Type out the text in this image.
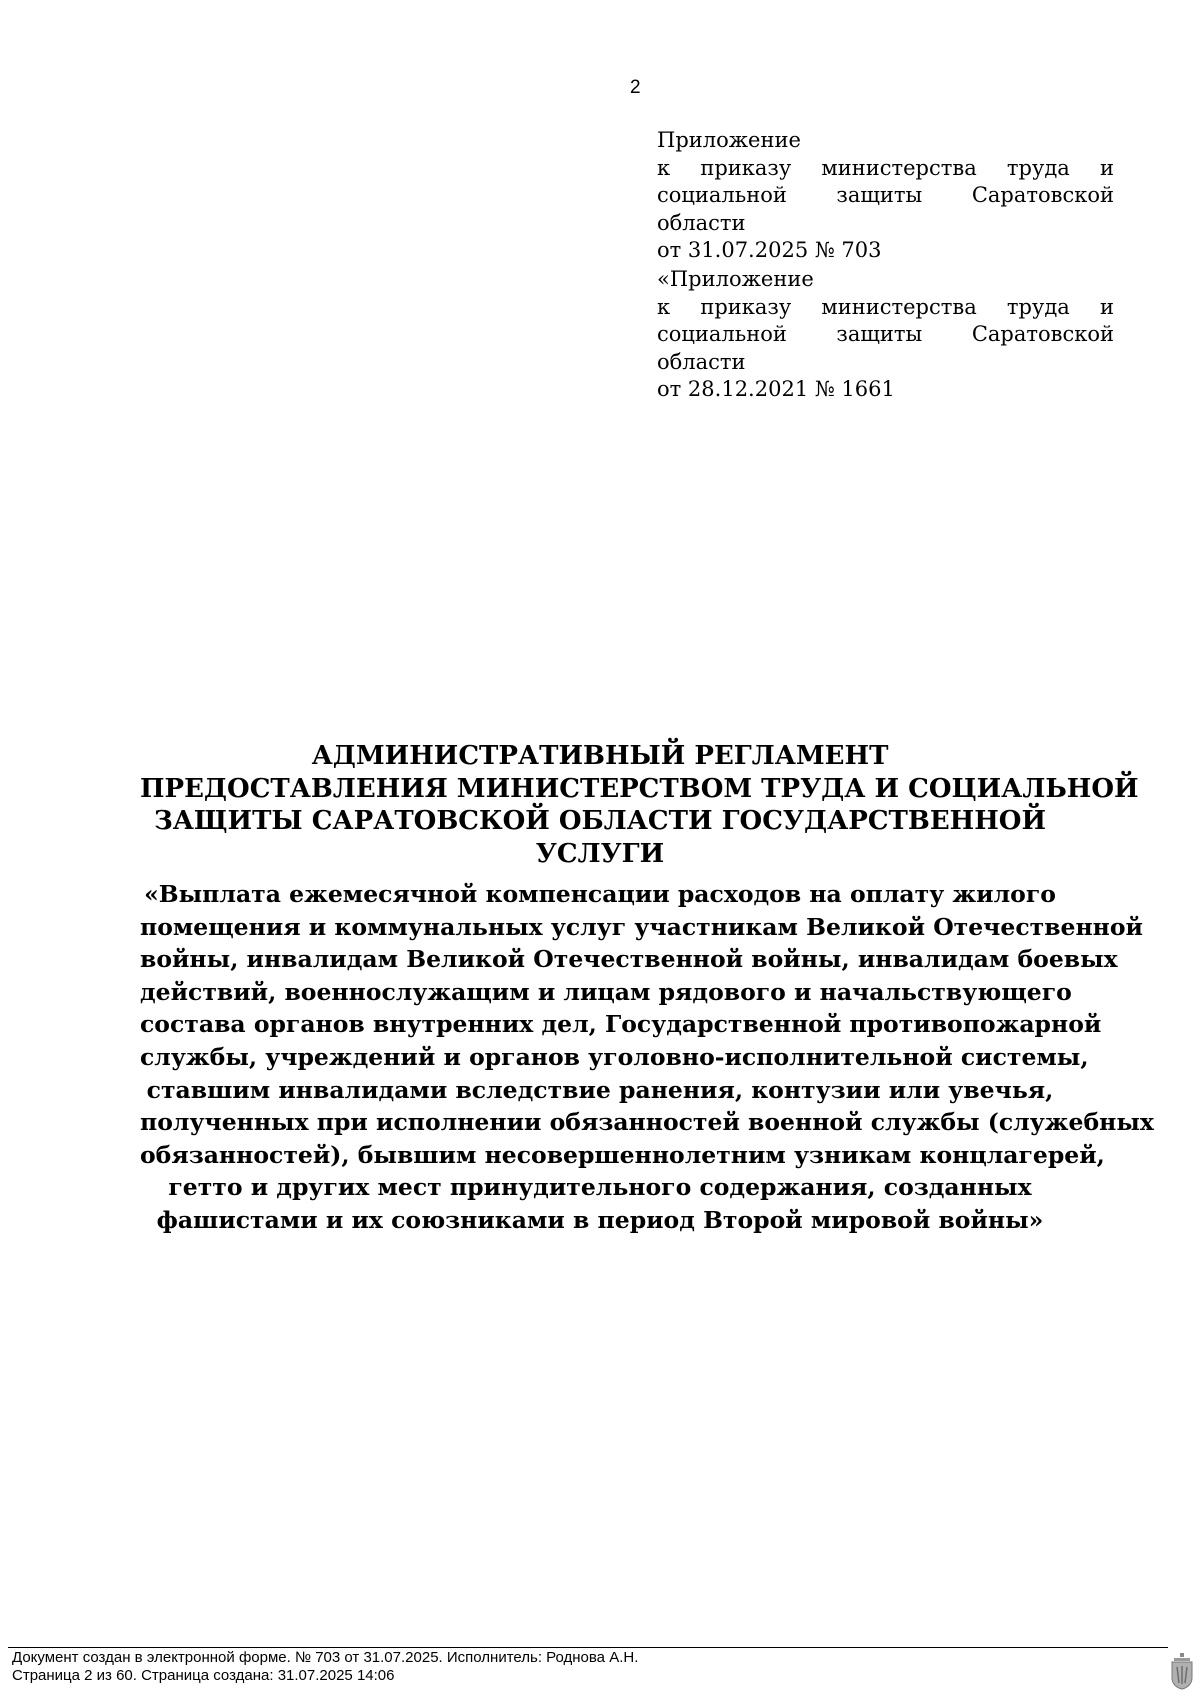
2
Приложение
к приказу министерства труда и
социальной защиты Саратовской области
от 31.07.2025 № 703
«Приложение
к приказу министерства труда и
социальной защиты Саратовской области
от 28.12.2021 № 1661
АДМИНИСТРАТИВНЫЙ РЕГЛАМЕНТ
ПРЕДОСТАВЛЕНИЯ МИНИСТЕРСТВОМ ТРУДА И СОЦИАЛЬНОЙ
ЗАЩИТЫ САРАТОВСКОЙ ОБЛАСТИ ГОСУДАРСТВЕННОЙ
УСЛУГИ
«Выплата ежемесячной компенсации расходов на оплату жилого
помещения и коммунальных услуг участникам Великой Отечественной
войны, инвалидам Великой Отечественной войны, инвалидам боевых
действий, военнослужащим и лицам рядового и начальствующего
состава органов внутренних дел, Государственной противопожарной
службы, учреждений и органов уголовно-исполнительной системы,
ставшим инвалидами вследствие ранения, контузии или увечья,
полученных при исполнении обязанностей военной службы (служебных
обязанностей), бывшим несовершеннолетним узникам концлагерей,
гетто и других мест принудительного содержания, созданных
фашистами и их союзниками в период Второй мировой войны»
Документ создан в электронной форме. № 703 от 31.07.2025. Исполнитель: Роднова А.Н.
Страница 2 из 60. Страница создана: 31.07.2025 14:06
